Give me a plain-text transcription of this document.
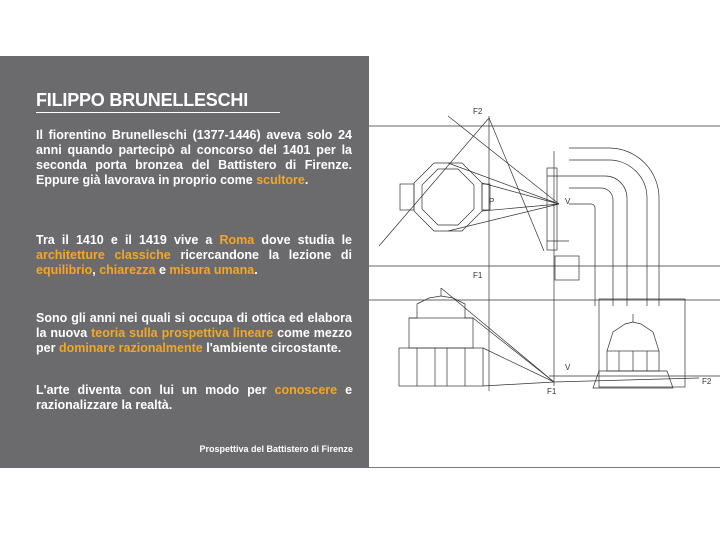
FILIPPO BRUNELLESCHI

Il fiorentino Brunelleschi (1377-1446) aveva solo 24 anni quando partecipò al concorso del 1401 per la seconda porta bronzea del Battistero di Firenze. Eppure già lavorava in proprio come scultore.

Tra il 1410 e il 1419 vive a Roma dove studia le architetture classiche ricercandone la lezione di equilibrio, chiarezza e misura umana.

Sono gli anni nei quali si occupa di ottica ed elabora la nuova teoria sulla prospettiva lineare come mezzo per dominare razionalmente l'ambiente circostante.

L'arte diventa con lui un modo per conoscere e razionalizzare la realtà.

Prospettiva del Battistero di Firenze
F2
P	V
F1
V
F1
F2
